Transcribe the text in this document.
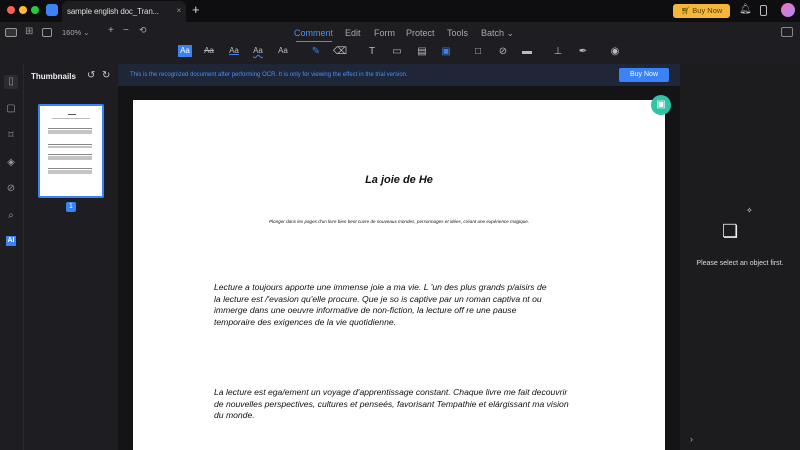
sample english doc_Tran... × +	🛒︎ Buy Now	🔔︎
⊞	160% ⌄ + − ⟲	Comment Edit Form Protect Tools Batch ⌄
Aa Aa Aa Aa Aa ✎ ⌫	T	▭ ▤ ▣	□	⊘ ▬ ⊥ ✒ ◉
▯
▢
⌑
◈
⊘
⌕
AI
Thumbnails ↺ ↻
1
This is the recognized document after performing OCR. It is only for viewing the effect in the trial version.	Buy Now
La joie de He
Plonger dans les pages d'un livre bien bent cuvre de nouveaux mondes, personnages et idées, créant une expérience magique.
Lecture a toujours apporte une immense joie a ma vie. L 'un des plus grands p/aisirs de la lecture est /'evasion qu'elle procure. Que je so is captive par un roman captiva nt ou immerge dans une oeuvre informative de non-fiction, la lecture off re une pause temporaire des exigences de la vie quotidienne.
La lecture est ega/ement un voyage d'apprentissage constant. Chaque livre me fait decouvrir de nouvelles perspectives, cultures et penseés, favorisant Tempathie et elárgissant ma vision du monde.
▣
❏
✧
Please select an object first.
›
